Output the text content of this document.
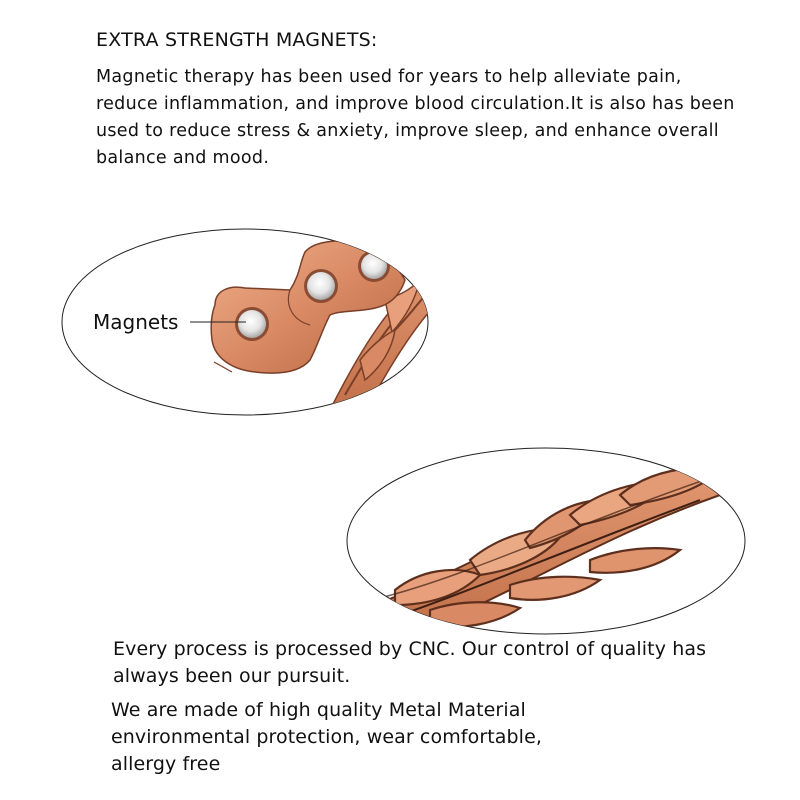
EXTRA STRENGTH MAGNETS:

Magnetic therapy has been used for years to help alleviate pain, reduce inflammation, and improve blood circulation.It is also has been used to reduce stress & anxiety, improve sleep, and enhance overall balance and mood.

Magnets

Every process is processed by CNC. Our control of quality has always been our pursuit.

We are made of high quality Metal Material environmental protection, wear comfortable, allergy free
